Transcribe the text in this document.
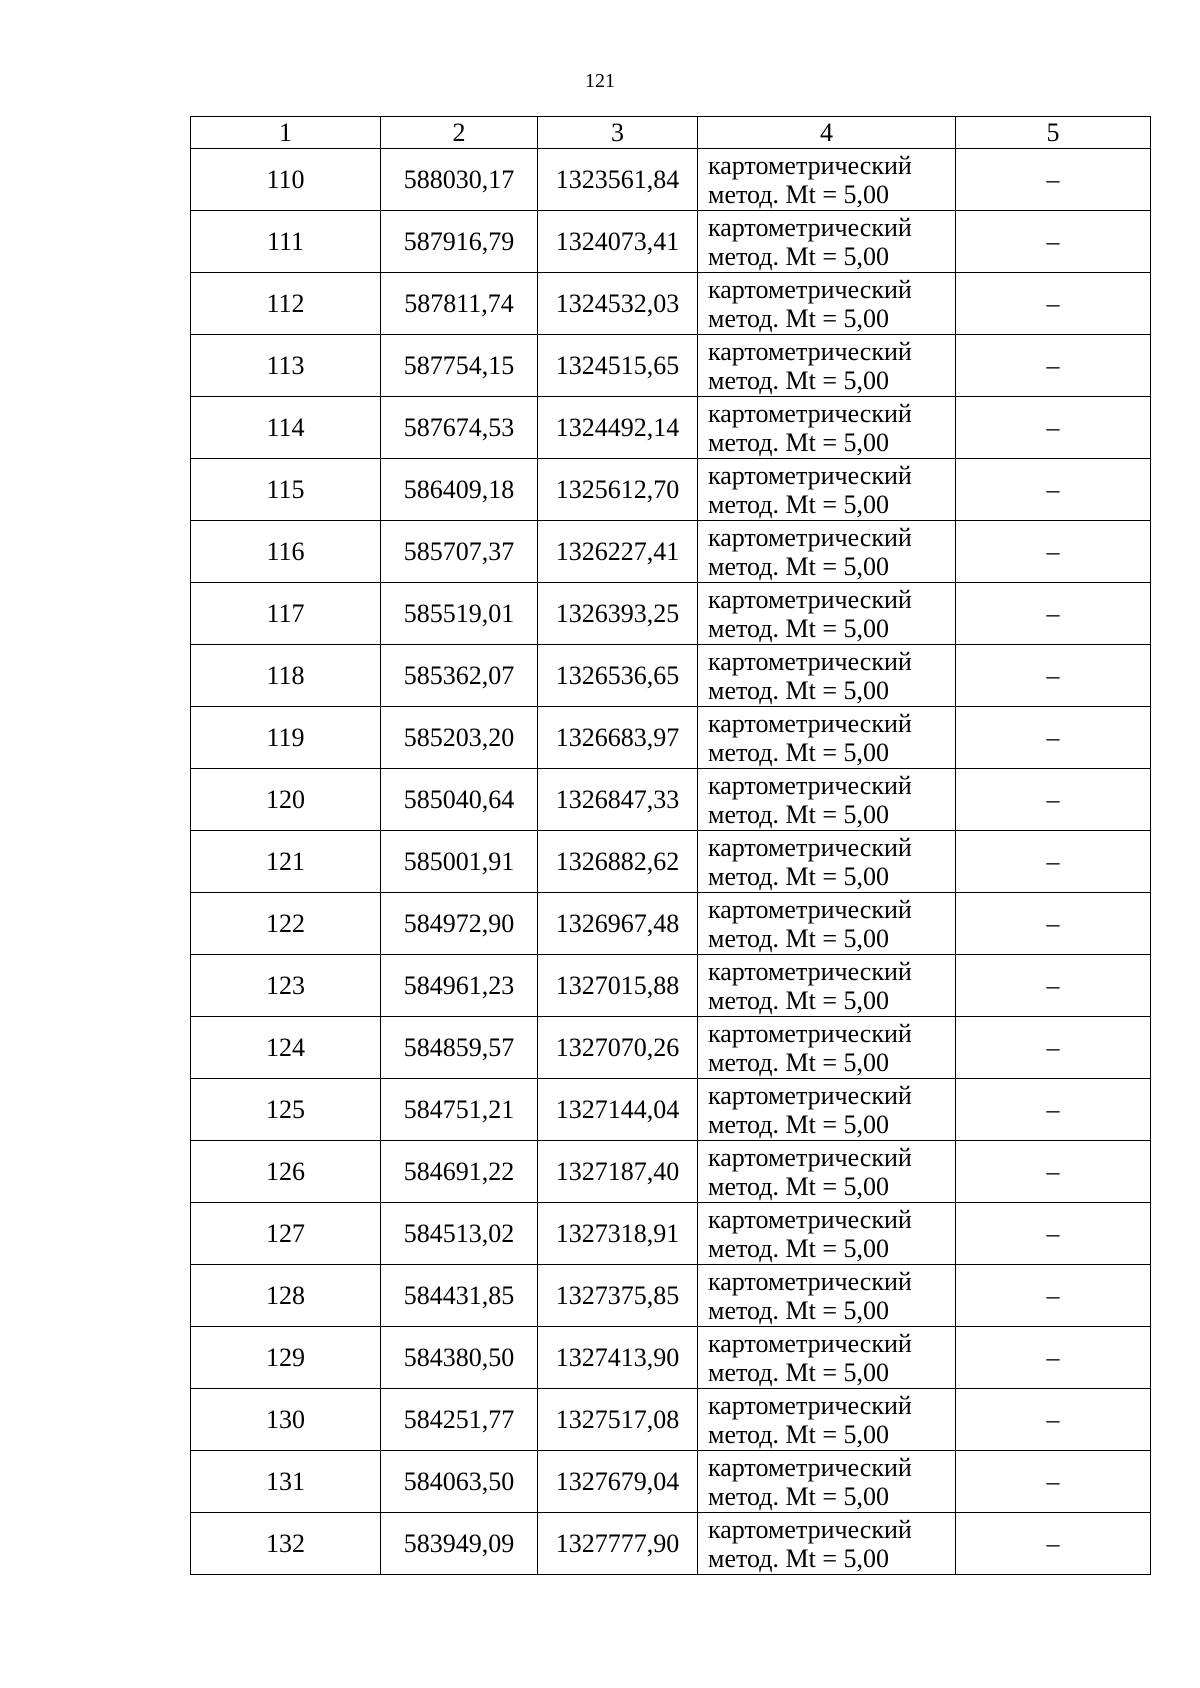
121
1	2	3	4	5
110	588030,17	1323561,84	картометрический
метод. Mt = 5,00	–
111	587916,79	1324073,41	картометрический
метод. Mt = 5,00	–
112	587811,74	1324532,03	картометрический
метод. Mt = 5,00	–
113	587754,15	1324515,65	картометрический
метод. Mt = 5,00	–
114	587674,53	1324492,14	картометрический
метод. Mt = 5,00	–
115	586409,18	1325612,70	картометрический
метод. Mt = 5,00	–
116	585707,37	1326227,41	картометрический
метод. Mt = 5,00	–
117	585519,01	1326393,25	картометрический
метод. Mt = 5,00	–
118	585362,07	1326536,65	картометрический
метод. Mt = 5,00	–
119	585203,20	1326683,97	картометрический
метод. Mt = 5,00	–
120	585040,64	1326847,33	картометрический
метод. Mt = 5,00	–
121	585001,91	1326882,62	картометрический
метод. Mt = 5,00	–
122	584972,90	1326967,48	картометрический
метод. Mt = 5,00	–
123	584961,23	1327015,88	картометрический
метод. Mt = 5,00	–
124	584859,57	1327070,26	картометрический
метод. Mt = 5,00	–
125	584751,21	1327144,04	картометрический
метод. Mt = 5,00	–
126	584691,22	1327187,40	картометрический
метод. Mt = 5,00	–
127	584513,02	1327318,91	картометрический
метод. Mt = 5,00	–
128	584431,85	1327375,85	картометрический
метод. Mt = 5,00	–
129	584380,50	1327413,90	картометрический
метод. Mt = 5,00	–
130	584251,77	1327517,08	картометрический
метод. Mt = 5,00	–
131	584063,50	1327679,04	картометрический
метод. Mt = 5,00	–
132	583949,09	1327777,90	картометрический
метод. Mt = 5,00	–
